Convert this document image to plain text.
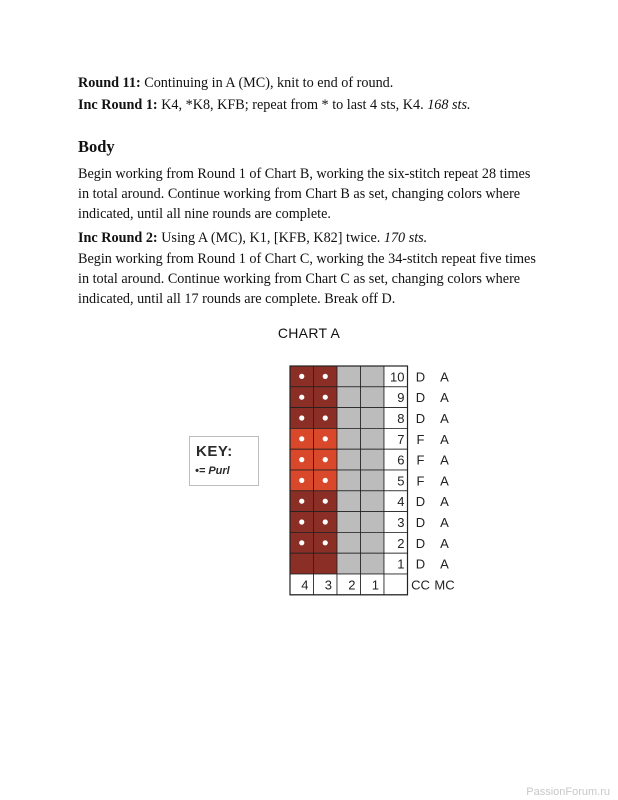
Round 11: Continuing in A (MC), knit to end of round.

Inc Round 1: K4, *K8, KFB; repeat from * to last 4 sts, K4. 168 sts.

Body

Begin working from Round 1 of Chart B, working the six-stitch repeat 28 times in total around. Continue working from Chart B as set, changing colors where indicated, until all nine rounds are complete.

Inc Round 2: Using A (MC), K1, [KFB, K82] twice. 170 sts.

Begin working from Round 1 of Chart C, working the 34-stitch repeat five times in total around. Continue working from Chart C as set, changing colors where indicated, until all 17 rounds are complete. Break off D.

CHART A
KEY:
•= Purl
10 D A
9 D A
8 D A
7 F A
6 F A
5 F A
4 D A
3 D A
2 D A
1 D A
4 3 2 1 CC MC
PassionForum.ru
